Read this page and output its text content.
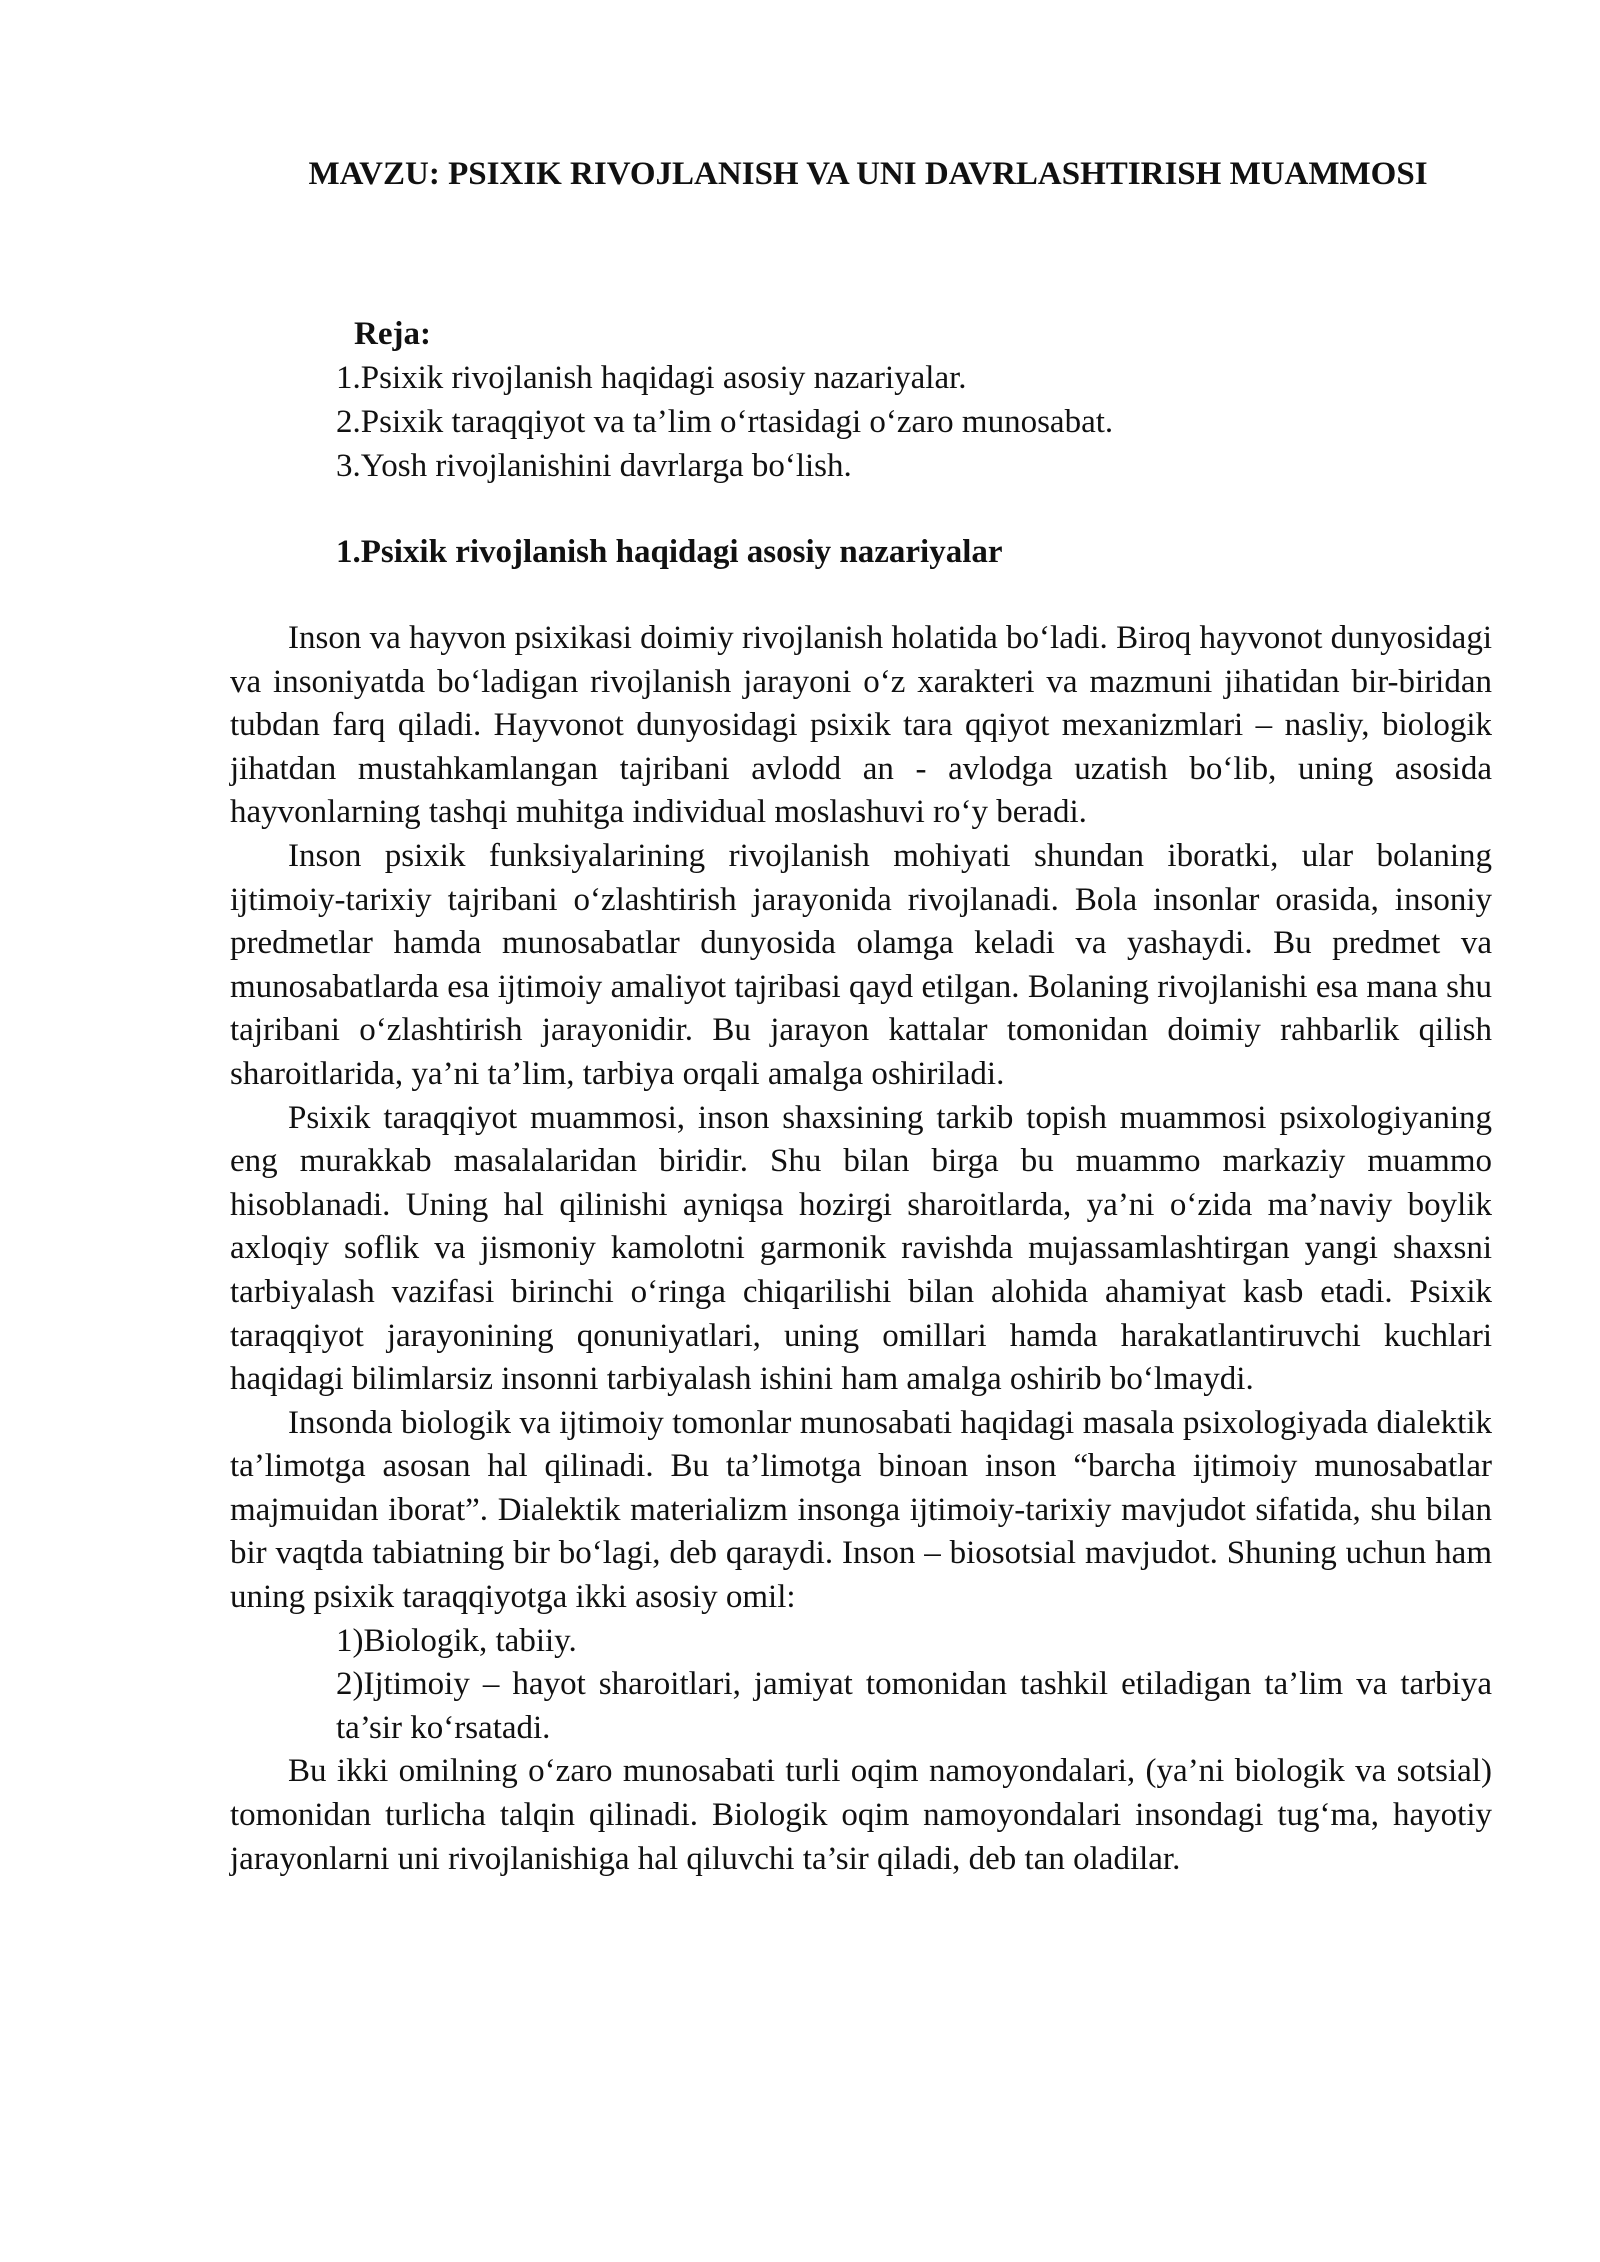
MAVZU: PSIXIK RIVOJLANISH VA UNI DAVRLASHTIRISH MUAMMOSI
Reja:
1.Psixik rivojlanish haqidagi asosiy nazariyalar.
2.Psixik taraqqiyot va ta’lim o‘rtasidagi o‘zaro munosabat.
3.Yosh rivojlanishini davrlarga bo‘lish.
1.Psixik rivojlanish haqidagi asosiy nazariyalar

Inson va hayvon psixikasi doimiy rivojlanish holatida bo‘ladi. Biroq hayvonot dunyosidagi va insoniyatda bo‘ladigan rivojlanish jarayoni o‘z xarakteri va mazmuni jihatidan bir-biridan tubdan farq qiladi. Hayvonot dunyosidagi psixik tara qqiyot mexanizmlari – nasliy, biologik jihatdan mustahkamlangan tajribani avlodd an - avlodga uzatish bo‘lib, uning asosida hayvonlarning tashqi muhitga individual moslashuvi ro‘y beradi.

Inson psixik funksiyalarining rivojlanish mohiyati shundan iboratki, ular bolaning ijtimoiy-tarixiy tajribani o‘zlashtirish jarayonida rivojlanadi. Bola insonlar orasida, insoniy predmetlar hamda munosabatlar dunyosida olamga keladi va yashaydi. Bu predmet va munosabatlarda esa ijtimoiy amaliyot tajribasi qayd etilgan. Bolaning rivojlanishi esa mana shu tajribani o‘zlashtirish jarayonidir. Bu jarayon kattalar tomonidan doimiy rahbarlik qilish sharoitlarida, ya’ni ta’lim, tarbiya orqali amalga oshiriladi.

Psixik taraqqiyot muammosi, inson shaxsining tarkib topish muammosi psixologiyaning eng murakkab masalalaridan biridir. Shu bilan birga bu muammo markaziy muammo hisoblanadi. Uning hal qilinishi ayniqsa hozirgi sharoitlarda, ya’ni o‘zida ma’naviy boylik axloqiy soflik va jismoniy kamolotni garmonik ravishda mujassamlashtirgan yangi shaxsni tarbiyalash vazifasi birinchi o‘ringa chiqarilishi bilan alohida ahamiyat kasb etadi. Psixik taraqqiyot jarayonining qonuniyatlari, uning omillari hamda harakatlantiruvchi kuchlari haqidagi bilimlarsiz insonni tarbiyalash ishini ham amalga oshirib bo‘lmaydi.

Insonda biologik va ijtimoiy tomonlar munosabati haqidagi masala psixologiyada dialektik ta’limotga asosan hal qilinadi. Bu ta’limotga binoan inson “barcha ijtimoiy munosabatlar majmuidan iborat”. Dialektik materializm insonga ijtimoiy-tarixiy mavjudot sifatida, shu bilan bir vaqtda tabiatning bir bo‘lagi, deb qaraydi. Inson – biosotsial mavjudot. Shuning uchun ham uning psixik taraqqiyotga ikki asosiy omil:

1)Biologik, tabiiy.

2)Ijtimoiy – hayot sharoitlari, jamiyat tomonidan tashkil etiladigan ta’lim va tarbiya ta’sir ko‘rsatadi.

Bu ikki omilning o‘zaro munosabati turli oqim namoyondalari, (ya’ni biologik va sotsial) tomonidan turlicha talqin qilinadi. Biologik oqim namoyondalari insondagi tug‘ma, hayotiy jarayonlarni uni rivojlanishiga hal qiluvchi ta’sir qiladi, deb tan oladilar.
